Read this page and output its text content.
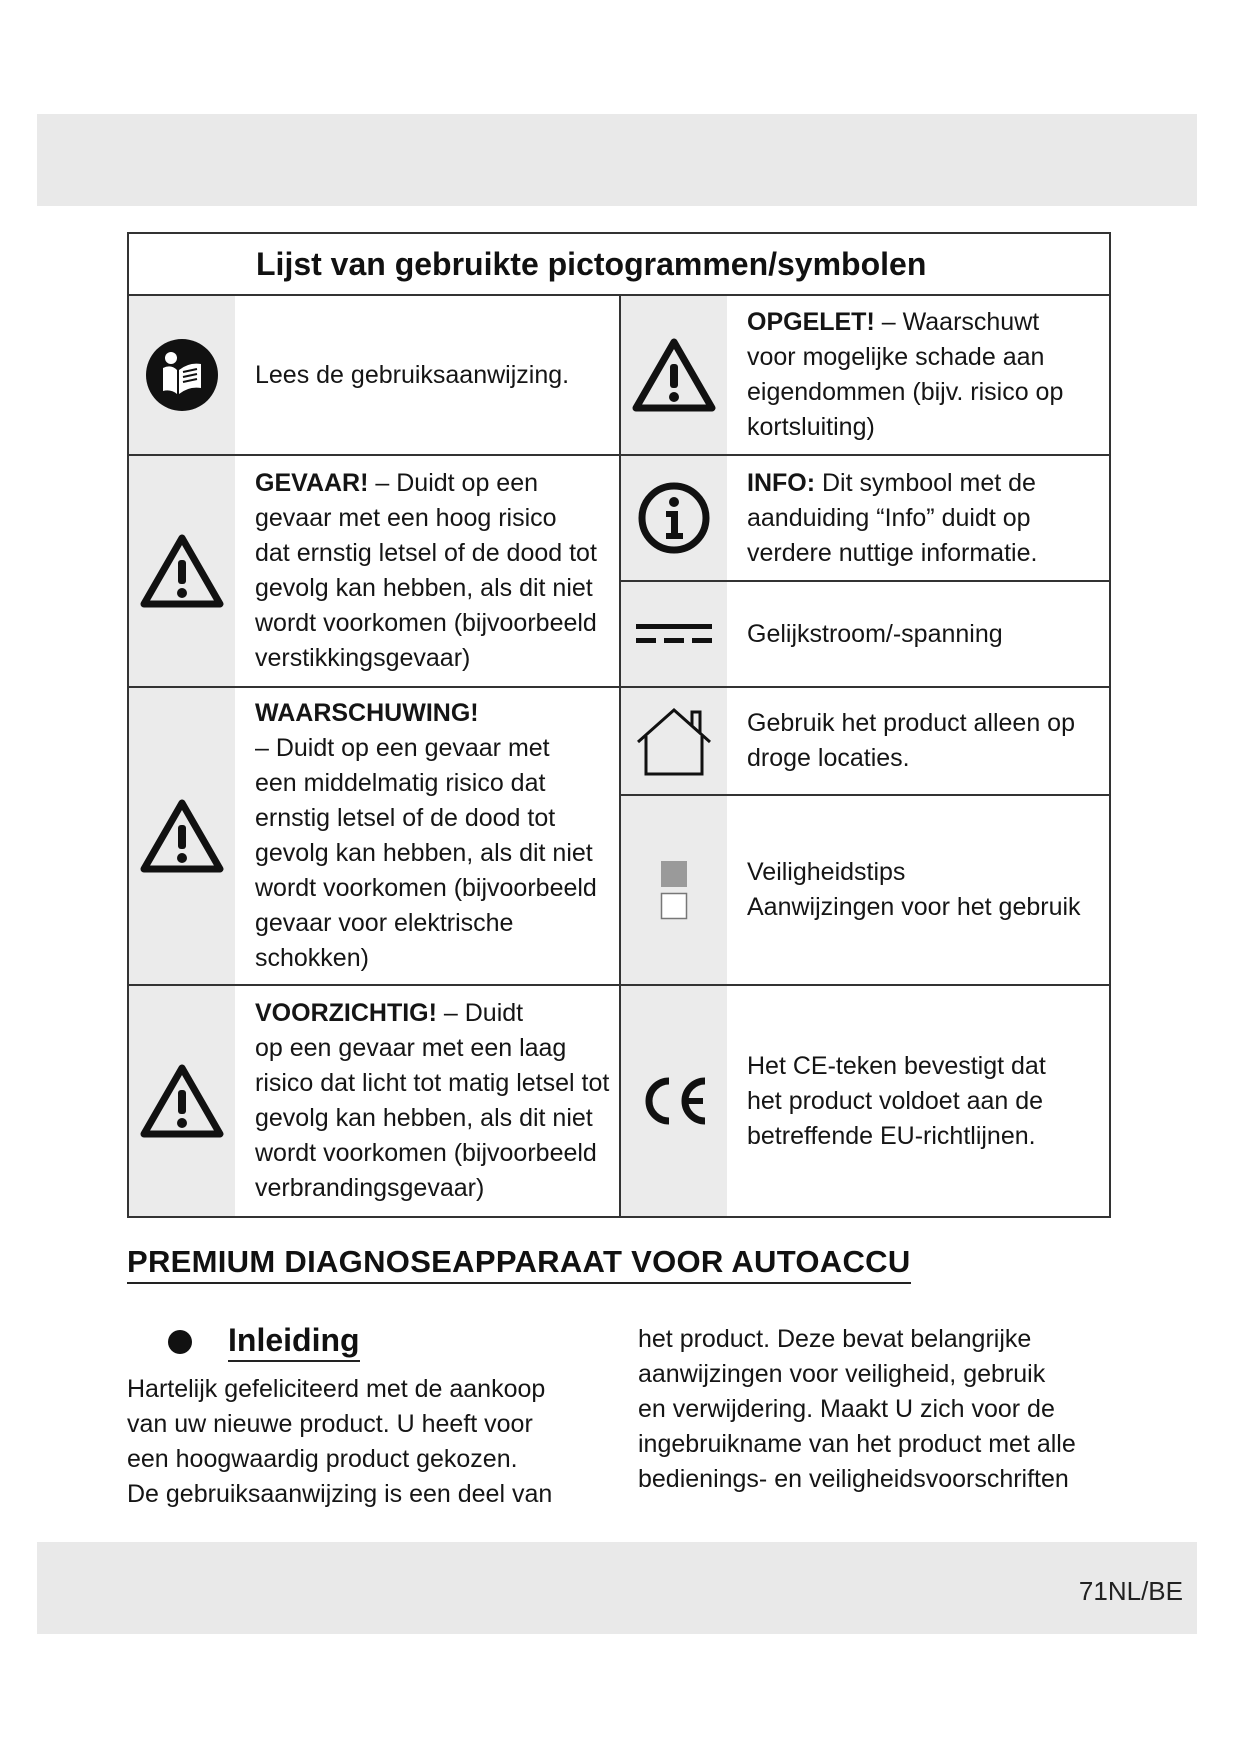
Lijst van gebruikte pictogrammen/symbolen
Lees de gebruiksaanwijzing.
GEVAAR! – Duidt op een
gevaar met een hoog risico
dat ernstig letsel of de dood tot
gevolg kan hebben, als dit niet
wordt voorkomen (bijvoorbeeld
verstikkingsgevaar)
WAARSCHUWING!
– Duidt op een gevaar met
een middelmatig risico dat
ernstig letsel of de dood tot
gevolg kan hebben, als dit niet
wordt voorkomen (bijvoorbeeld
gevaar voor elektrische
schokken)
VOORZICHTIG! – Duidt
op een gevaar met een laag
risico dat licht tot matig letsel tot
gevolg kan hebben, als dit niet
wordt voorkomen (bijvoorbeeld
verbrandingsgevaar)
OPGELET! – Waarschuwt
voor mogelijke schade aan
eigendommen (bijv. risico op
kortsluiting)
INFO: Dit symbool met de
aanduiding “Info” duidt op
verdere nuttige informatie.
Gelijkstroom/-spanning
Gebruik het product alleen op
droge locaties.
Veiligheidstips
Aanwijzingen voor het gebruik
Het CE-teken bevestigt dat
het product voldoet aan de
betreffende EU-richtlijnen.
PREMIUM DIAGNOSEAPPARAAT VOOR AUTOACCU
Inleiding
Hartelijk gefeliciteerd met de aankoop
van uw nieuwe product. U heeft voor
een hoogwaardig product gekozen.
De gebruiksaanwijzing is een deel van
het product. Deze bevat belangrijke
aanwijzingen voor veiligheid, gebruik
en verwijdering. Maakt U zich voor de
ingebruikname van het product met alle
bedienings- en veiligheidsvoorschriften
71NL/BE
